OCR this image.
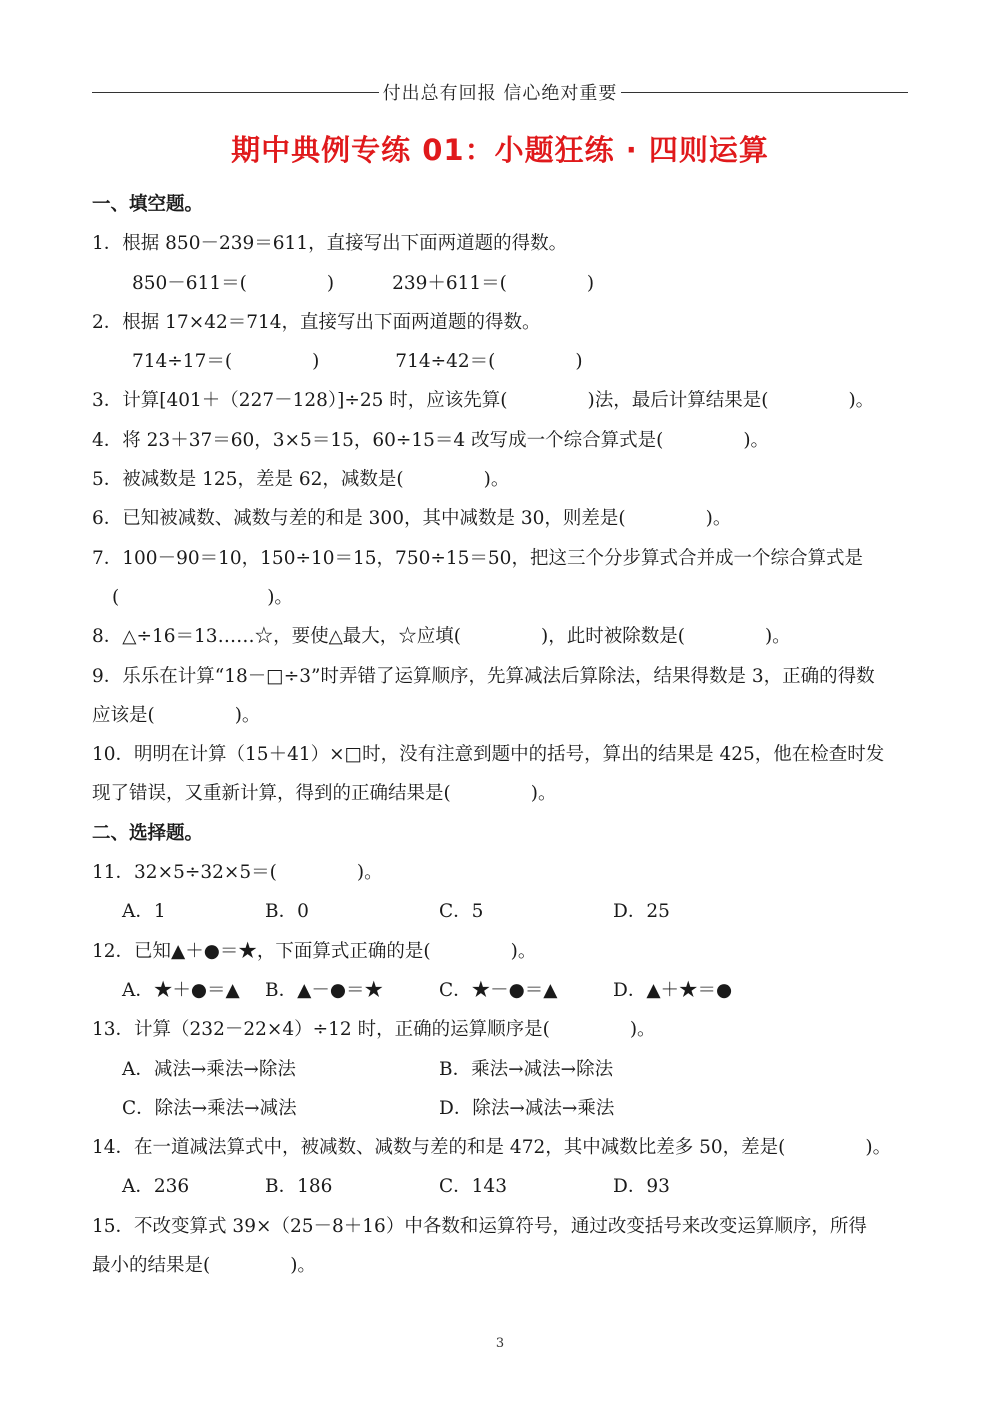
付出总有回报 信心绝对重要
期中典例专练 01：小题狂练 · 四则运算
一、填空题。
1．根据 850－239＝611，直接写出下面两道题的得数。
850－611＝(	)	239＋611＝(	)
2．根据 17×42＝714，直接写出下面两道题的得数。
714÷17＝(	)	714÷42＝(	)
3．计算[401＋（227－128）]÷25 时，应该先算(	)法，最后计算结果是(	)。
4．将 23＋37＝60，3×5＝15，60÷15＝4 改写成一个综合算式是(	)。
5．被减数是 125，差是 62，减数是(	)。
6．已知被减数、减数与差的和是 300，其中减数是 30，则差是(	)。
7．100－90＝10，150÷10＝15，750÷15＝50，把这三个分步算式合并成一个综合算式是
(	)。
8．△÷16＝13……☆，要使△最大，☆应填(	)，此时被除数是(	)。
9．乐乐在计算“18－□÷3”时弄错了运算顺序，先算减法后算除法，结果得数是 3，正确的得数
应该是(	)。
10．明明在计算（15＋41）×□时，没有注意到题中的括号，算出的结果是 425，他在检查时发
现了错误，又重新计算，得到的正确结果是(	)。
二、选择题。
11．32×5÷32×5＝(	)。
A．1	B．0	C．5	D．25
12．已知▲＋●＝★，下面算式正确的是(	)。
A．★＋●＝▲ B．▲－●＝★	C．★－●＝▲	D．▲＋★＝●
13．计算（232－22×4）÷12 时，正确的运算顺序是(	)。
A．减法→乘法→除法	B．乘法→减法→除法
C．除法→乘法→减法	D．除法→减法→乘法
14．在一道减法算式中，被减数、减数与差的和是 472，其中减数比差多 50，差是(	)。
A．236	B．186	C．143	D．93
15．不改变算式 39×（25－8＋16）中各数和运算符号，通过改变括号来改变运算顺序，所得
最小的结果是(	)。
3
